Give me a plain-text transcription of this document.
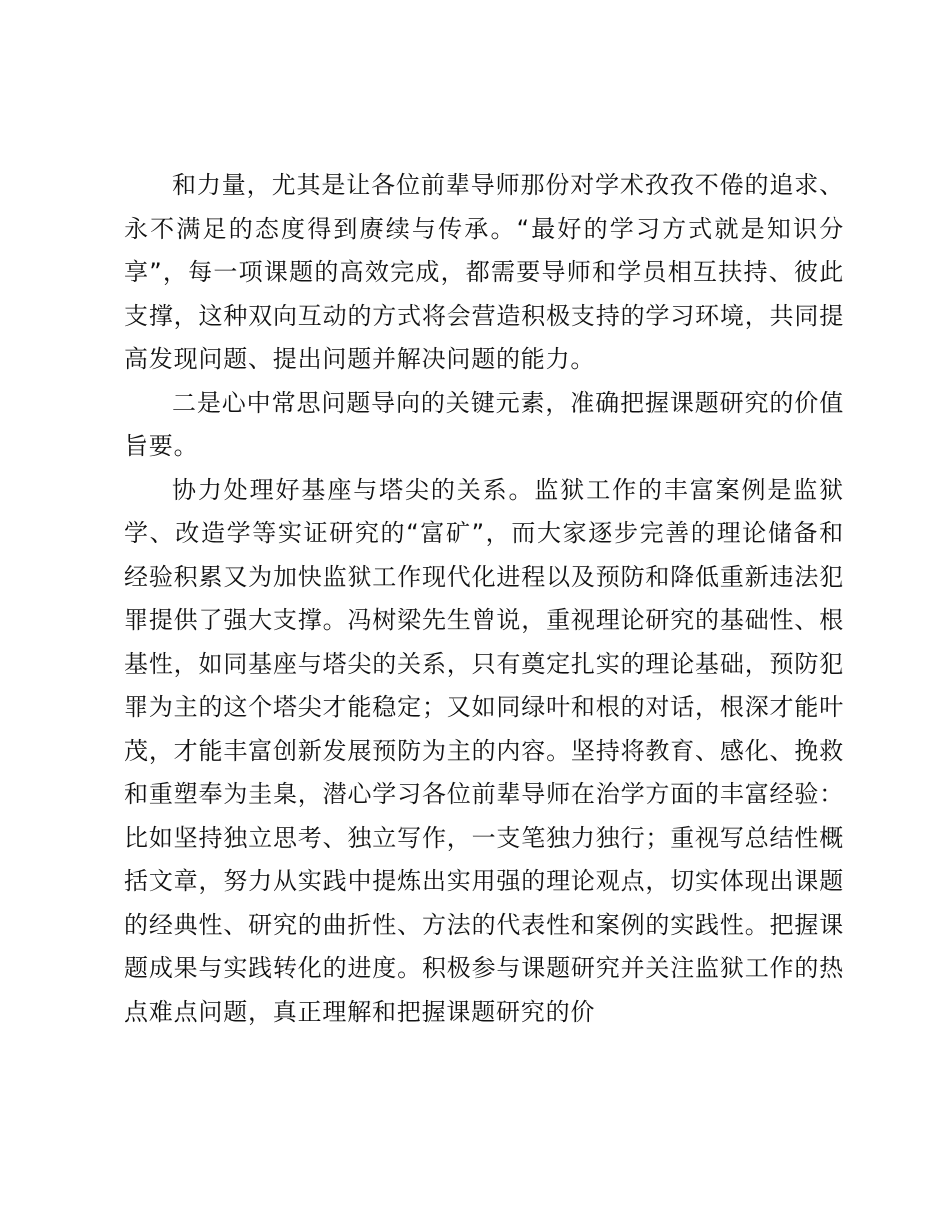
和力量，尤其是让各位前辈导师那份对学术孜孜不倦的追求、永不满足的态度得到赓续与传承。“最好的学习方式就是知识分享”，每一项课题的高效完成，都需要导师和学员相互扶持、彼此支撑，这种双向互动的方式将会营造积极支持的学习环境，共同提高发现问题、提出问题并解决问题的能力。

二是心中常思问题导向的关键元素，准确把握课题研究的价值旨要。

协力处理好基座与塔尖的关系。监狱工作的丰富案例是监狱学、改造学等实证研究的“富矿”，而大家逐步完善的理论储备和经验积累又为加快监狱工作现代化进程以及预防和降低重新违法犯罪提供了强大支撑。冯树梁先生曾说，重视理论研究的基础性、根基性，如同基座与塔尖的关系，只有奠定扎实的理论基础，预防犯罪为主的这个塔尖才能稳定；又如同绿叶和根的对话，根深才能叶茂，才能丰富创新发展预防为主的内容。坚持将教育、感化、挽救和重塑奉为圭臬，潜心学习各位前辈导师在治学方面的丰富经验：比如坚持独立思考、独立写作，一支笔独力独行；重视写总结性概括文章，努力从实践中提炼出实用强的理论观点，切实体现出课题的经典性、研究的曲折性、方法的代表性和案例的实践性。把握课题成果与实践转化的进度。积极参与课题研究并关注监狱工作的热点难点问题，真正理解和把握课题研究的价
